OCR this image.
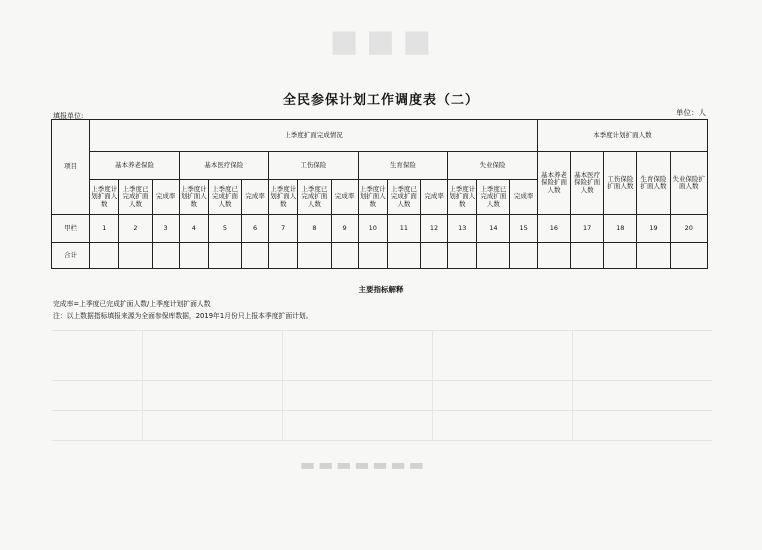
■■■
▬▬▬▬▬▬▬
全民参保计划工作调度表（二）
填报单位:	单位：人
项目	上季度扩面完成情况															本季度计划扩面人数				
	基本养老保险			基本医疗保险			工伤保险			生育保险			失业保险			基本养老保险扩面人数	基本医疗保险扩面人数	工伤保险扩面人数	生育保险扩面人数	失业保险扩面人数
	上季度计划扩面人数	上季度已完成扩面人数	完成率	上季度计划扩面人数	上季度已完成扩面人数	完成率	上季度计划扩面人数	上季度已完成扩面人数	完成率	上季度计划扩面人数	上季度已完成扩面人数	完成率	上季度计划扩面人数	上季度已完成扩面人数	完成率					
甲栏	1	2	3	4	5	6	7	8	9	10	11	12	13	14	15	16	17	18	19	20
合计																				
主要指标解释
完成率=上季度已完成扩面人数/上季度计划扩面人数
注：以上数据指标填报来源为全面参保库数据，2019年1月份只上报本季度扩面计划。
